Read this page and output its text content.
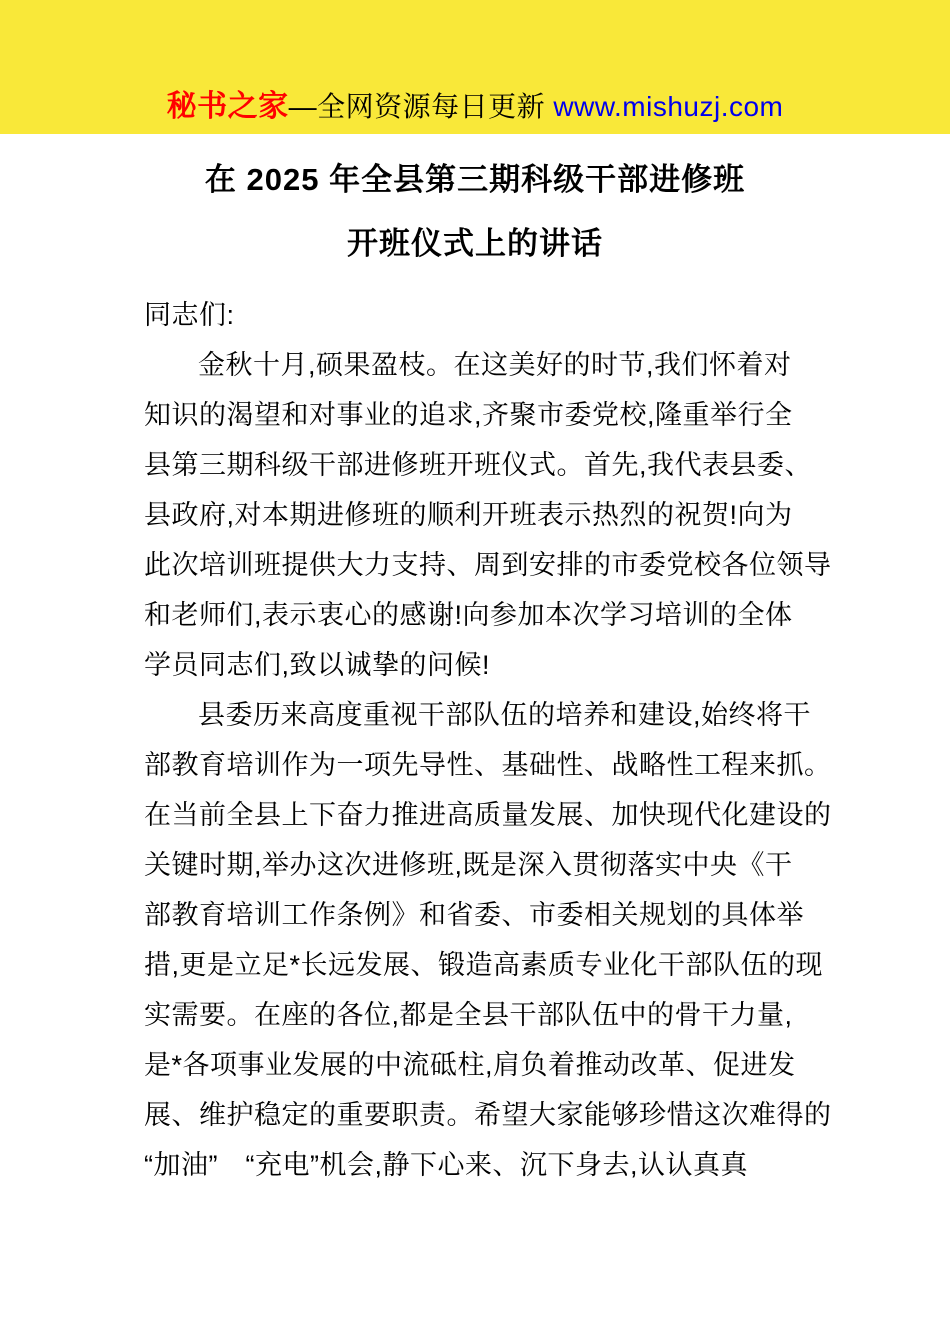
秘书之家—全网资源每日更新 www.mishuzj.com
在 2025 年全县第三期科级干部进修班
开班仪式上的讲话
同志们:
金秋十月,硕果盈枝。在这美好的时节,我们怀着对
知识的渴望和对事业的追求,齐聚市委党校,隆重举行全
县第三期科级干部进修班开班仪式。首先,我代表县委、
县政府,对本期进修班的顺利开班表示热烈的祝贺!向为
此次培训班提供大力支持、周到安排的市委党校各位领导
和老师们,表示衷心的感谢!向参加本次学习培训的全体
学员同志们,致以诚挚的问候!
县委历来高度重视干部队伍的培养和建设,始终将干
部教育培训作为一项先导性、基础性、战略性工程来抓。
在当前全县上下奋力推进高质量发展、加快现代化建设的
关键时期,举办这次进修班,既是深入贯彻落实中央《干
部教育培训工作条例》和省委、市委相关规划的具体举
措,更是立足*长远发展、锻造高素质专业化干部队伍的现
实需要。在座的各位,都是全县干部队伍中的骨干力量,
是*各项事业发展的中流砥柱,肩负着推动改革、促进发
展、维护稳定的重要职责。希望大家能够珍惜这次难得的
“加油”　“充电”机会,静下心来、沉下身去,认认真真
